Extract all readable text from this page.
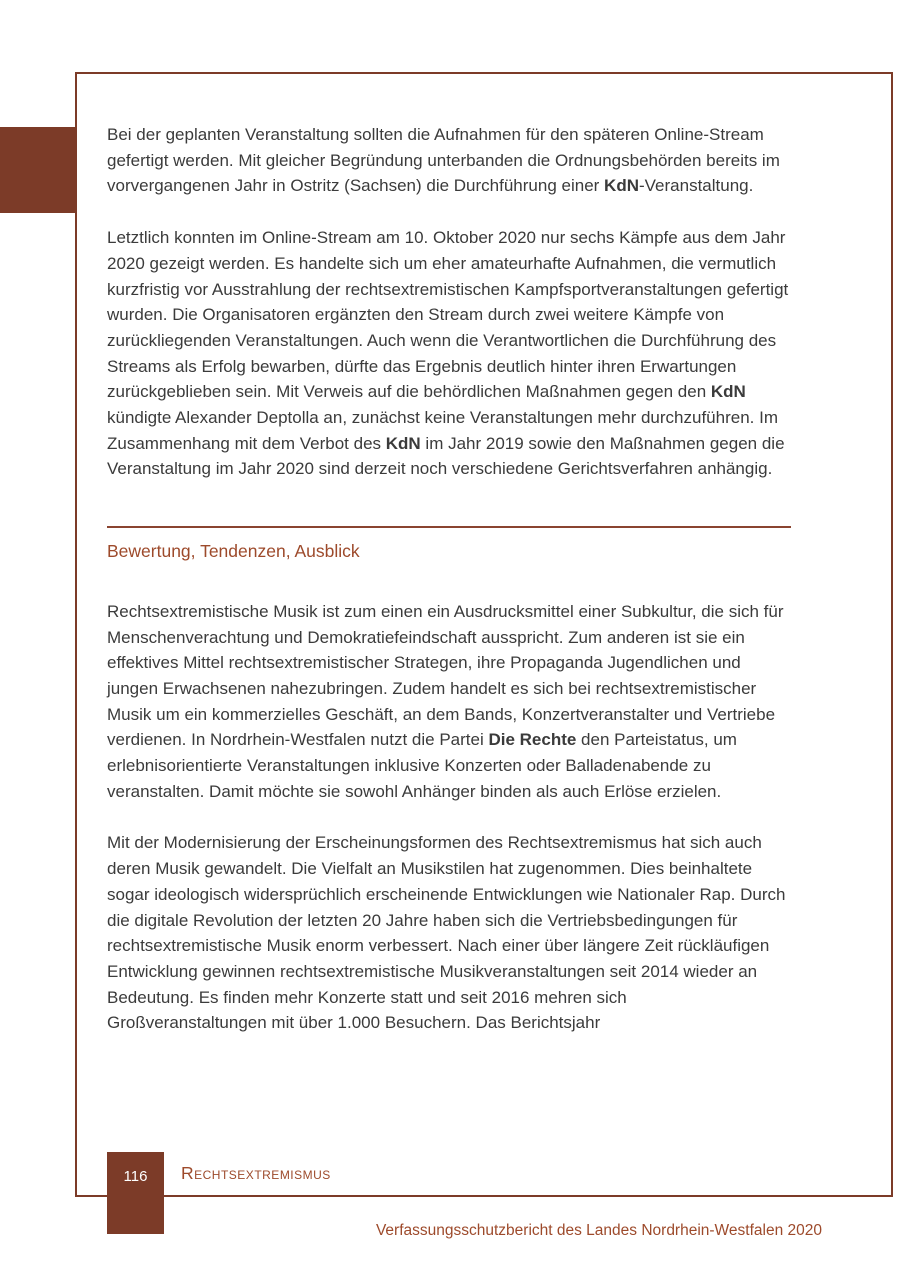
Bei der geplanten Veranstaltung sollten die Aufnahmen für den späteren Online-Stream gefertigt werden. Mit gleicher Begründung unterbanden die Ordnungsbehörden bereits im vorvergangenen Jahr in Ostritz (Sachsen) die Durchführung einer KdN-Veranstaltung.

Letztlich konnten im Online-Stream am 10. Oktober 2020 nur sechs Kämpfe aus dem Jahr 2020 gezeigt werden. Es handelte sich um eher amateurhafte Aufnahmen, die vermutlich kurzfristig vor Ausstrahlung der rechtsextremistischen Kampfsportveranstaltungen gefertigt wurden. Die Organisatoren ergänzten den Stream durch zwei weitere Kämpfe von zurückliegenden Veranstaltungen. Auch wenn die Verantwortlichen die Durchführung des Streams als Erfolg bewarben, dürfte das Ergebnis deutlich hinter ihren Erwartungen zurückgeblieben sein. Mit Verweis auf die behördlichen Maßnahmen gegen den KdN kündigte Alexander Deptolla an, zunächst keine Veranstaltungen mehr durchzuführen. Im Zusammenhang mit dem Verbot des KdN im Jahr 2019 sowie den Maßnahmen gegen die Veranstaltung im Jahr 2020 sind derzeit noch verschiedene Gerichtsverfahren anhängig.

Bewertung, Tendenzen, Ausblick

Rechtsextremistische Musik ist zum einen ein Ausdrucksmittel einer Subkultur, die sich für Menschenverachtung und Demokratiefeindschaft ausspricht. Zum anderen ist sie ein effektives Mittel rechtsextremistischer Strategen, ihre Propaganda Jugendlichen und jungen Erwachsenen nahezubringen. Zudem handelt es sich bei rechtsextremistischer Musik um ein kommerzielles Geschäft, an dem Bands, Konzertveranstalter und Vertriebe verdienen. In Nordrhein-Westfalen nutzt die Partei Die Rechte den Parteistatus, um erlebnisorientierte Veranstaltungen inklusive Konzerten oder Balladenabende zu veranstalten. Damit möchte sie sowohl Anhänger binden als auch Erlöse erzielen.

Mit der Modernisierung der Erscheinungsformen des Rechtsextremismus hat sich auch deren Musik gewandelt. Die Vielfalt an Musikstilen hat zugenommen. Dies beinhaltete sogar ideologisch widersprüchlich erscheinende Entwicklungen wie Nationaler Rap. Durch die digitale Revolution der letzten 20 Jahre haben sich die Vertriebsbedingungen für rechtsextremistische Musik enorm verbessert. Nach einer über längere Zeit rückläufigen Entwicklung gewinnen rechtsextremistische Musikveranstaltungen seit 2014 wieder an Bedeutung. Es finden mehr Konzerte statt und seit 2016 mehren sich Großveranstaltungen mit über 1.000 Besuchern. Das Berichtsjahr

116	Rechtsextremismus
Verfassungsschutzbericht des Landes Nordrhein-Westfalen 2020
